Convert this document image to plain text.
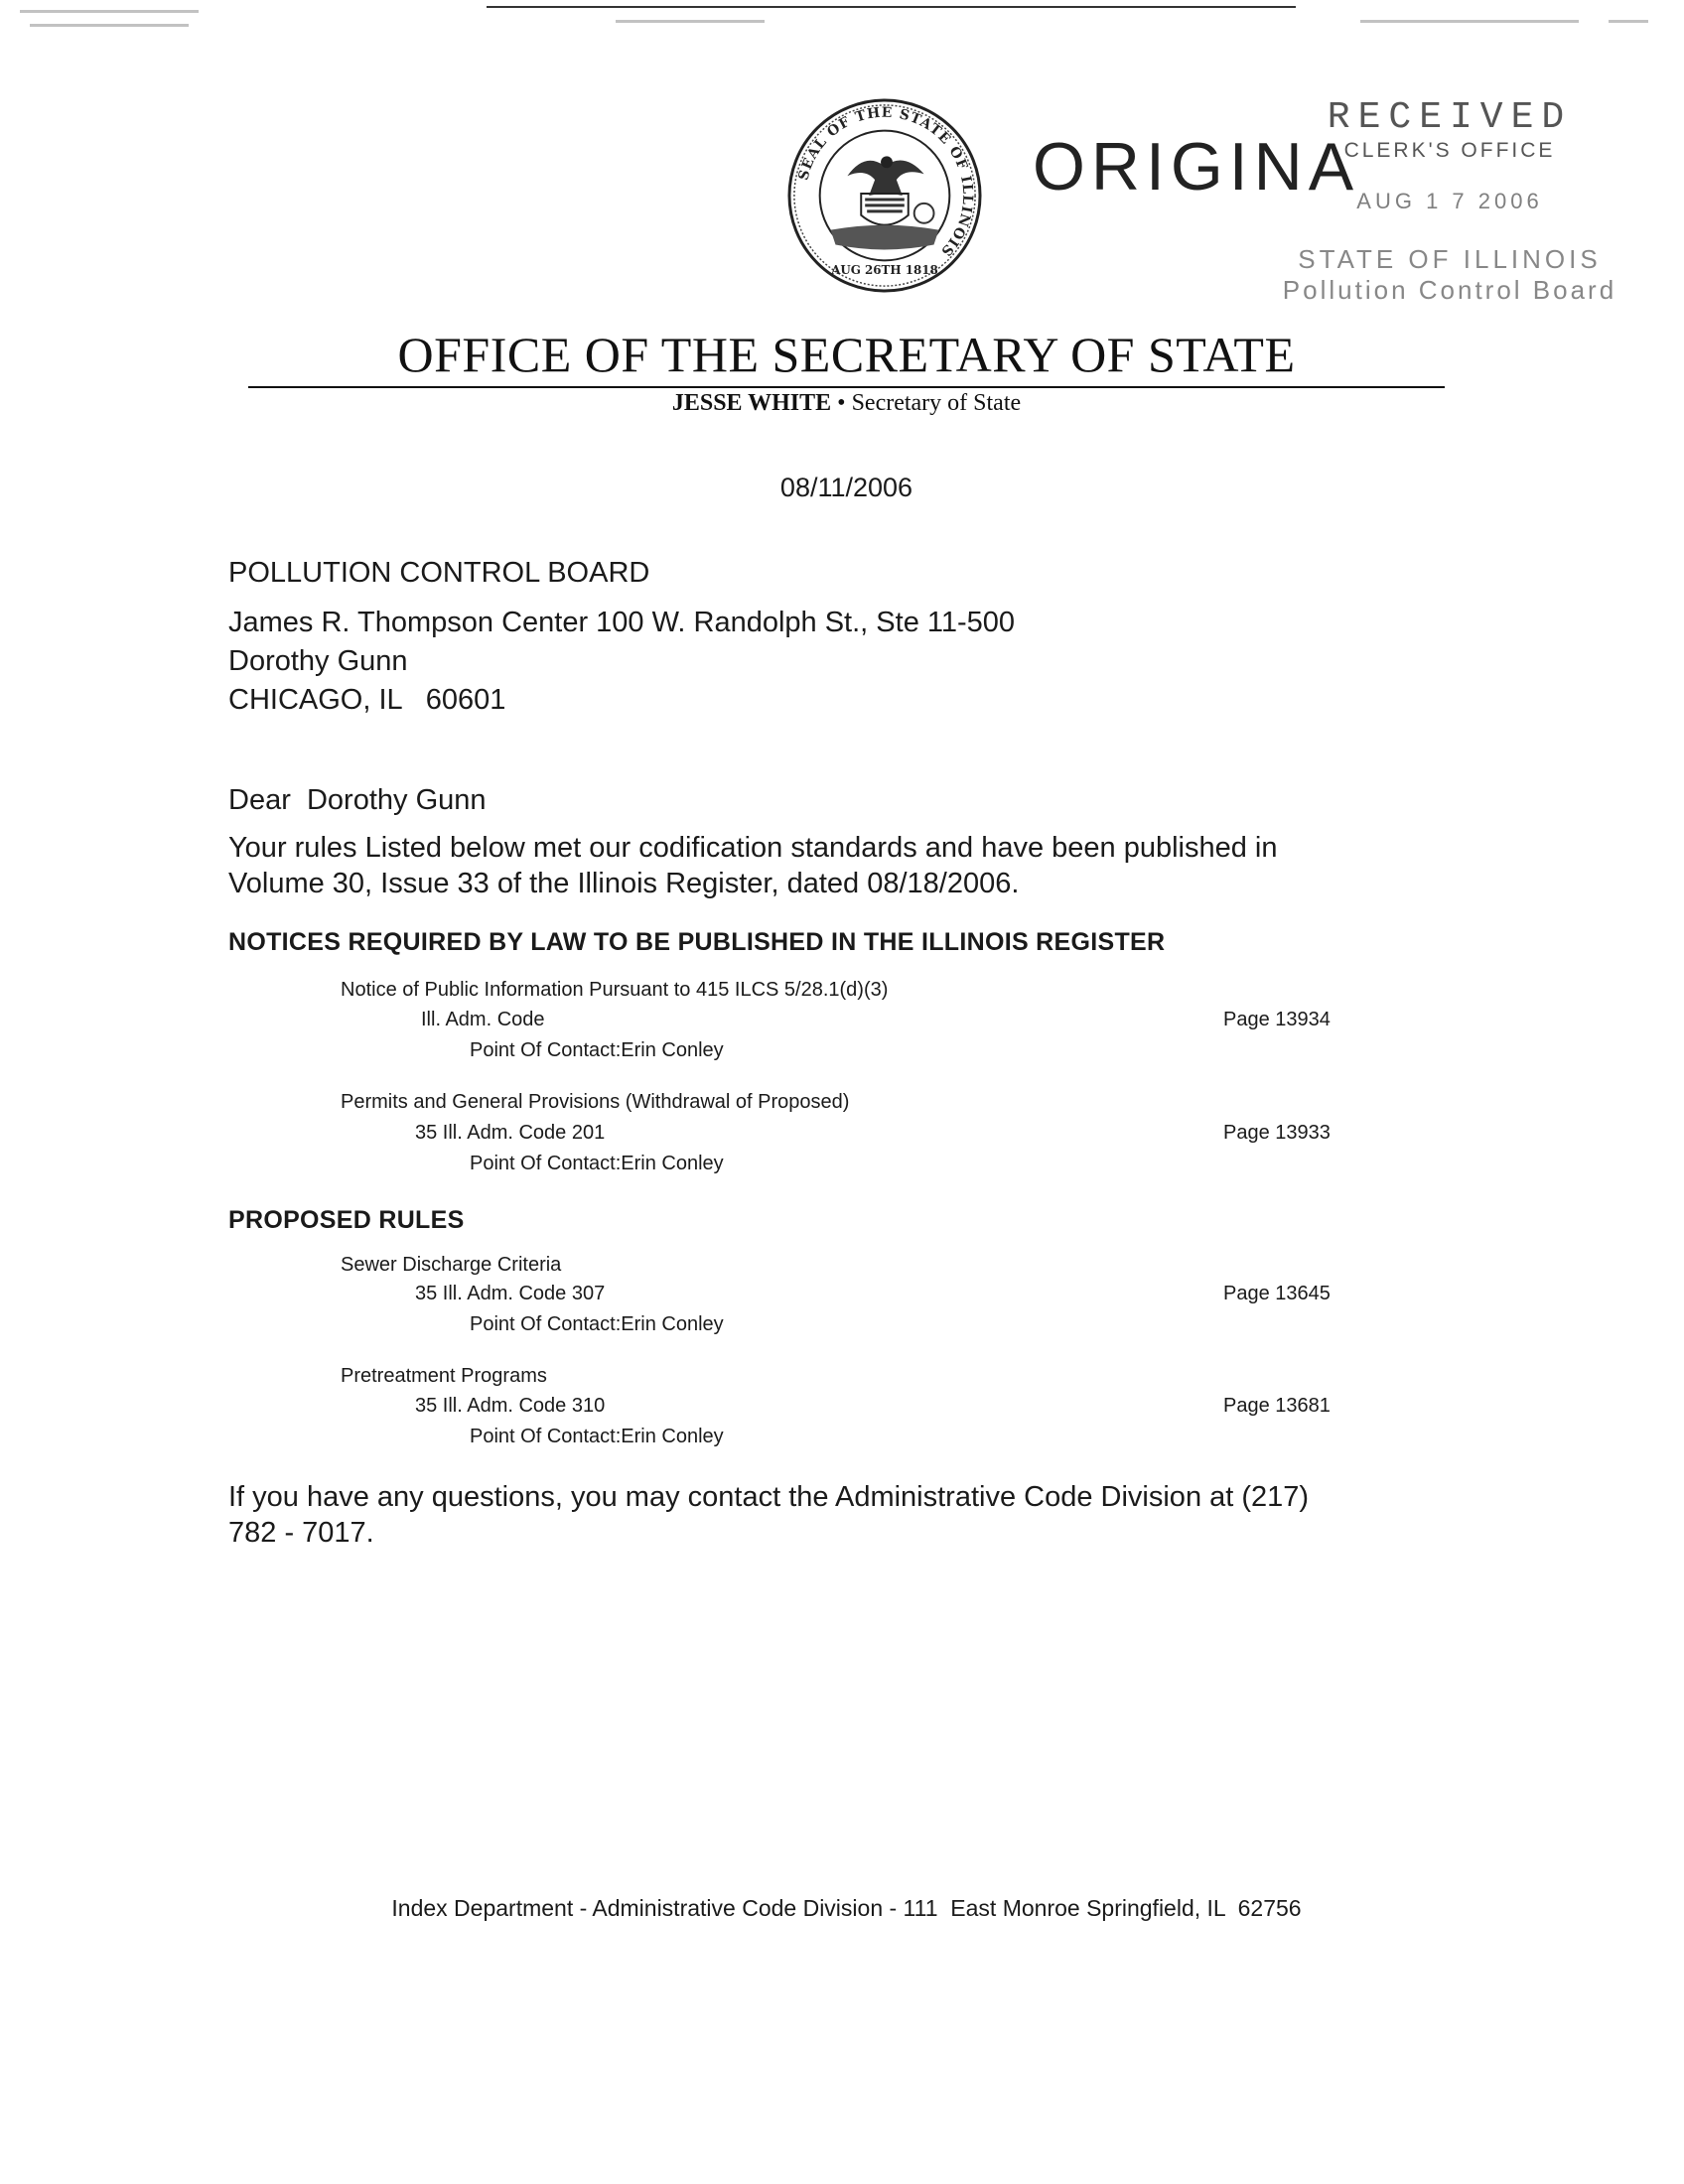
SEAL OF THE STATE OF ILLINOIS
AUG 26TH 1818
ORIGINA
RECEIVED
CLERK'S OFFICE
AUG 1 7 2006
STATE OF ILLINOIS
Pollution Control Board
OFFICE OF THE SECRETARY OF STATE
JESSE WHITE • Secretary of State
08/11/2006
POLLUTION CONTROL BOARD
James R. Thompson Center 100 W. Randolph St., Ste 11-500
Dorothy Gunn
CHICAGO, IL   60601
Dear  Dorothy Gunn
Your rules Listed below met our codification standards and have been published in Volume 30, Issue 33 of the Illinois Register, dated 08/18/2006.
NOTICES REQUIRED BY LAW TO BE PUBLISHED IN THE ILLINOIS REGISTER
Notice of Public Information Pursuant to 415 ILCS 5/28.1(d)(3)
Ill. Adm. Code	Page 13934
Point Of Contact:Erin Conley
Permits and General Provisions (Withdrawal of Proposed)
35 Ill. Adm. Code 201	Page 13933
Point Of Contact:Erin Conley
PROPOSED RULES
Sewer Discharge Criteria
35 Ill. Adm. Code 307	Page 13645
Point Of Contact:Erin Conley
Pretreatment Programs
35 Ill. Adm. Code 310	Page 13681
Point Of Contact:Erin Conley
If you have any questions, you may contact the Administrative Code Division at (217) 782 - 7017.
Index Department - Administrative Code Division - 111  East Monroe Springfield, IL  62756
